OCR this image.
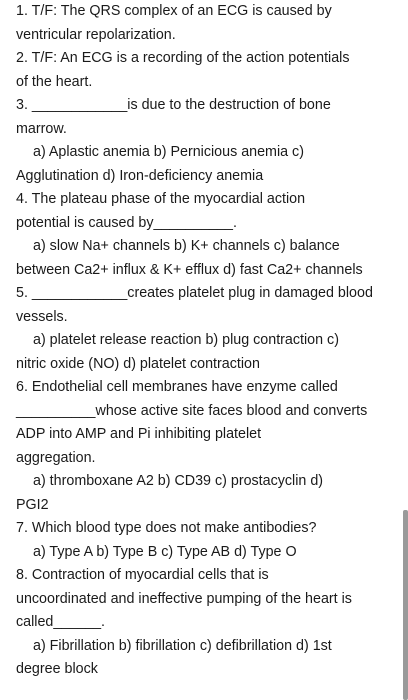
1. T/F: The QRS complex of an ECG is caused by
ventricular repolarization.
2. T/F: An ECG is a recording of the action potentials
of the heart.
3. ____________is due to the destruction of bone
marrow.
a) Aplastic anemia b) Pernicious anemia c)
Agglutination d) Iron-deficiency anemia
4. The plateau phase of the myocardial action
potential is caused by__________.
a) slow Na+ channels b) K+ channels c) balance
between Ca2+ influx & K+ efflux d) fast Ca2+ channels
5. ____________creates platelet plug in damaged blood
vessels.
a) platelet release reaction b) plug contraction c)
nitric oxide (NO) d) platelet contraction
6. Endothelial cell membranes have enzyme called
__________whose active site faces blood and converts
ADP into AMP and Pi inhibiting platelet
aggregation.
a) thromboxane A2 b) CD39 c) prostacyclin d)
PGI2
7. Which blood type does not make antibodies?
a) Type A b) Type B c) Type AB d) Type O
8. Contraction of myocardial cells that is
uncoordinated and ineffective pumping of the heart is
called______.
a) Fibrillation b) fibrillation c) defibrillation d) 1st
degree block
